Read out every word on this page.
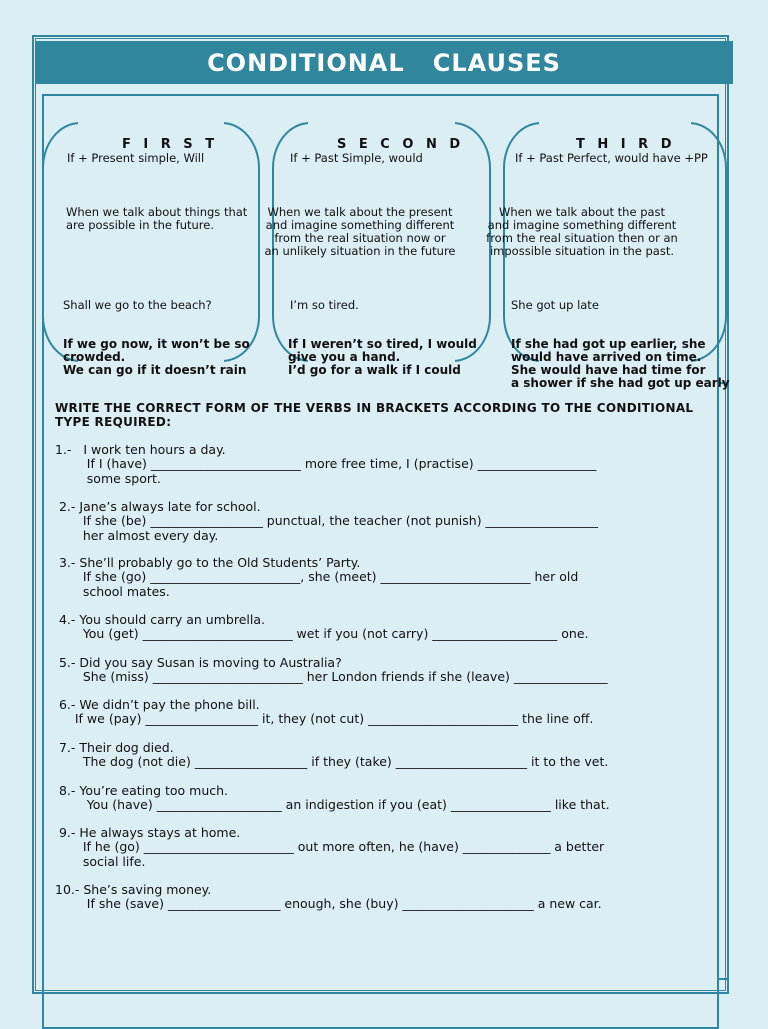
CONDITIONAL   CLAUSES
F I R S T
If + Present simple, Will
When we talk about things that
are possible in the future.

Shall we go to the beach?

If we go now, it won’t be so
crowded.
We can go if it doesn’t rain

S E C O N D
If + Past Simple, would
When we talk about the present
and imagine something different
from the real situation now or
an unlikely situation in the future

I’m so tired.

If I weren’t so tired, I would
give you a hand.
I’d go for a walk if I could

T H I R D
If + Past Perfect, would have +PP
When we talk about the past
and imagine something different
from the real situation then or an
impossible situation in the past.

She got up late

If she had got up earlier, she
would have arrived on time.
She would have had time for
a shower if she had got up early

WRITE THE CORRECT FORM OF THE VERBS IN BRACKETS ACCORDING TO THE CONDITIONAL TYPE REQUIRED:
1.-   I work ten hours a day.
If I (have) ________________________ more free time, I (practise) ___________________
some sport.
2.- Jane’s always late for school.
If she (be) __________________ punctual, the teacher (not punish) __________________
her almost every day.
3.- She’ll probably go to the Old Students’ Party.
If she (go) ________________________, she (meet) ________________________ her old
school mates.
4.- You should carry an umbrella.
You (get) ________________________ wet if you (not carry) ____________________ one.
5.- Did you say Susan is moving to Australia?
She (miss) ________________________ her London friends if she (leave) _______________
6.- We didn’t pay the phone bill.
If we (pay) __________________ it, they (not cut) ________________________ the line off.
7.- Their dog died.
The dog (not die) __________________ if they (take) _____________________ it to the vet.
8.- You’re eating too much.
You (have) ____________________ an indigestion if you (eat) ________________ like that.
9.- He always stays at home.
If he (go) ________________________ out more often, he (have) ______________ a better
social life.
10.- She’s saving money.
If she (save) __________________ enough, she (buy) _____________________ a new car.
